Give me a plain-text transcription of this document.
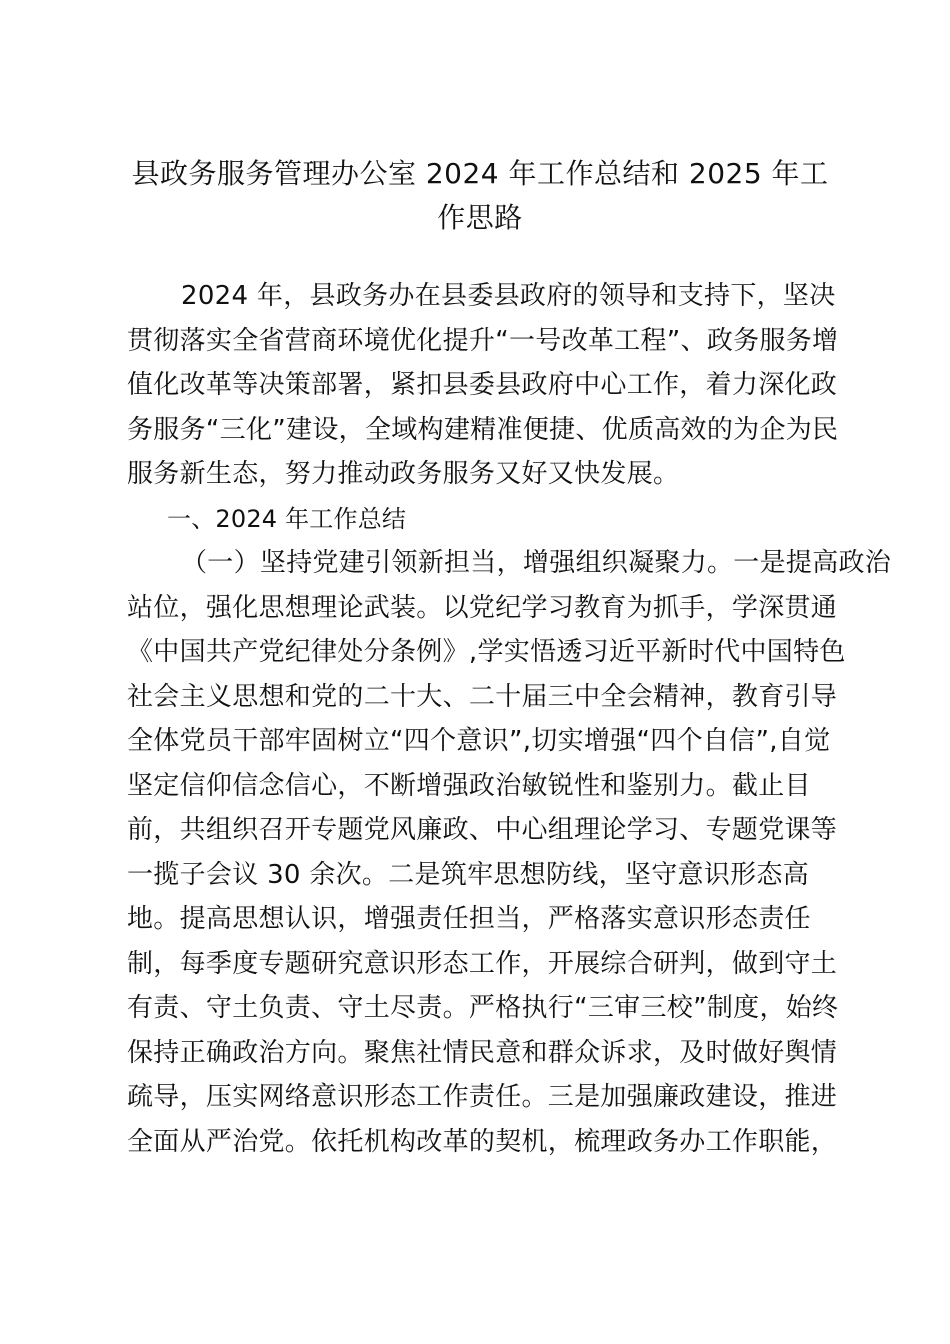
县政务服务管理办公室 2024 年工作总结和 2025 年工
作思路
2024 年，县政务办在县委县政府的领导和支持下，坚决
贯彻落实全省营商环境优化提升“一号改革工程”、政务服务增
值化改革等决策部署，紧扣县委县政府中心工作，着力深化政
务服务“三化”建设，全域构建精准便捷、优质高效的为企为民
服务新生态，努力推动政务服务又好又快发展。
一、2024 年工作总结
（一）坚持党建引领新担当，增强组织凝聚力。一是提高政治
站位，强化思想理论武装。以党纪学习教育为抓手，学深贯通
《中国共产党纪律处分条例》,学实悟透习近平新时代中国特色
社会主义思想和党的二十大、二十届三中全会精神，教育引导
全体党员干部牢固树立“四个意识”,切实增强“四个自信”,自觉
坚定信仰信念信心，不断增强政治敏锐性和鉴别力。截止目
前，共组织召开专题党风廉政、中心组理论学习、专题党课等
一揽子会议 30 余次。二是筑牢思想防线，坚守意识形态高
地。提高思想认识，增强责任担当，严格落实意识形态责任
制，每季度专题研究意识形态工作，开展综合研判，做到守土
有责、守土负责、守土尽责。严格执行“三审三校”制度，始终
保持正确政治方向。聚焦社情民意和群众诉求，及时做好舆情
疏导，压实网络意识形态工作责任。三是加强廉政建设，推进
全面从严治党。依托机构改革的契机，梳理政务办工作职能，
